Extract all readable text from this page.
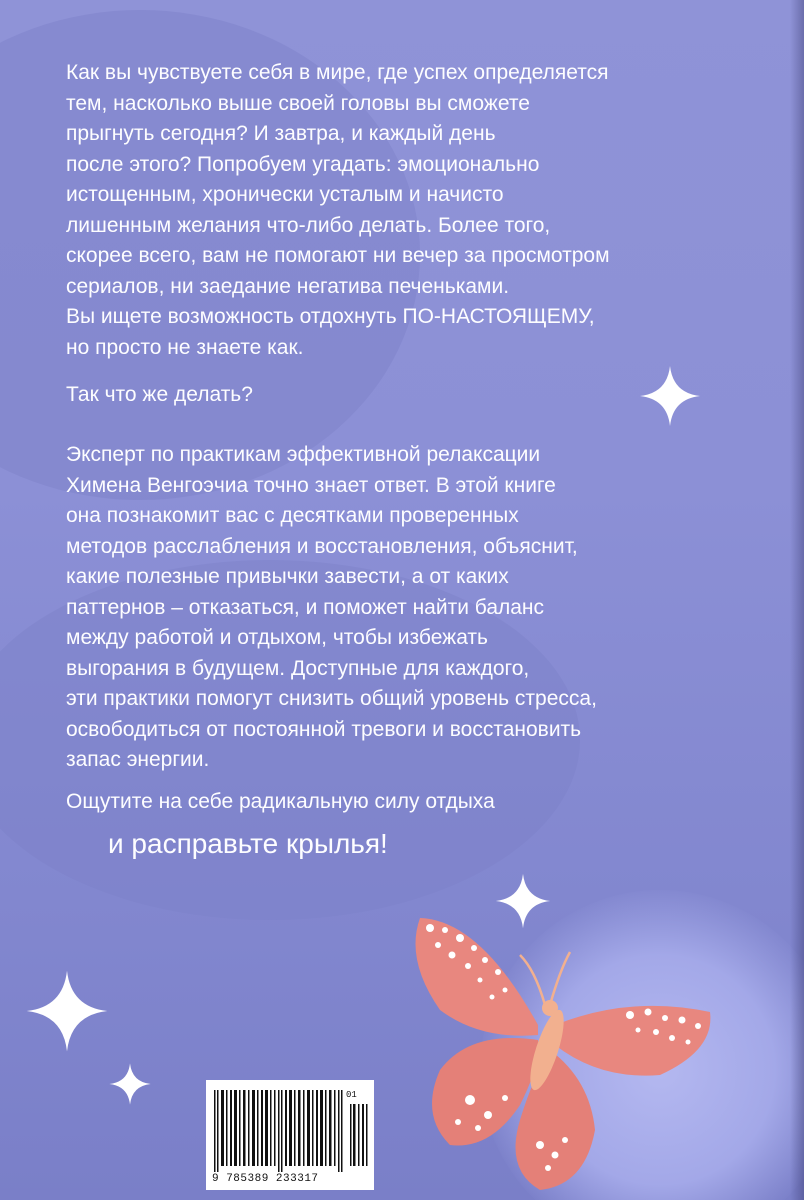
Как вы чувствуете себя в мире, где успех определяется
тем, насколько выше своей головы вы сможете
прыгнуть сегодня? И завтра, и каждый день
после этого? Попробуем угадать: эмоционально
истощенным, хронически усталым и начисто
лишенным желания что-либо делать. Более того,
скорее всего, вам не помогают ни вечер за просмотром
сериалов, ни заедание негатива печеньками.
Вы ищете возможность отдохнуть ПО-НАСТОЯЩЕМУ,
но просто не знаете как.

Так что же делать?

Эксперт по практикам эффективной релаксации
Химена Венгоэчиа точно знает ответ. В этой книге
она познакомит вас с десятками проверенных
методов расслабления и восстановления, объяснит,
какие полезные привычки завести, а от каких
паттернов – отказаться, и поможет найти баланс
между работой и отдыхом, чтобы избежать
выгорания в будущем. Доступные для каждого,
эти практики помогут снизить общий уровень стресса,
освободиться от постоянной тревоги и восстановить
запас энергии.

Ощутите на себе радикальную силу отдыха

и расправьте крылья!

01
9 785389 233317
